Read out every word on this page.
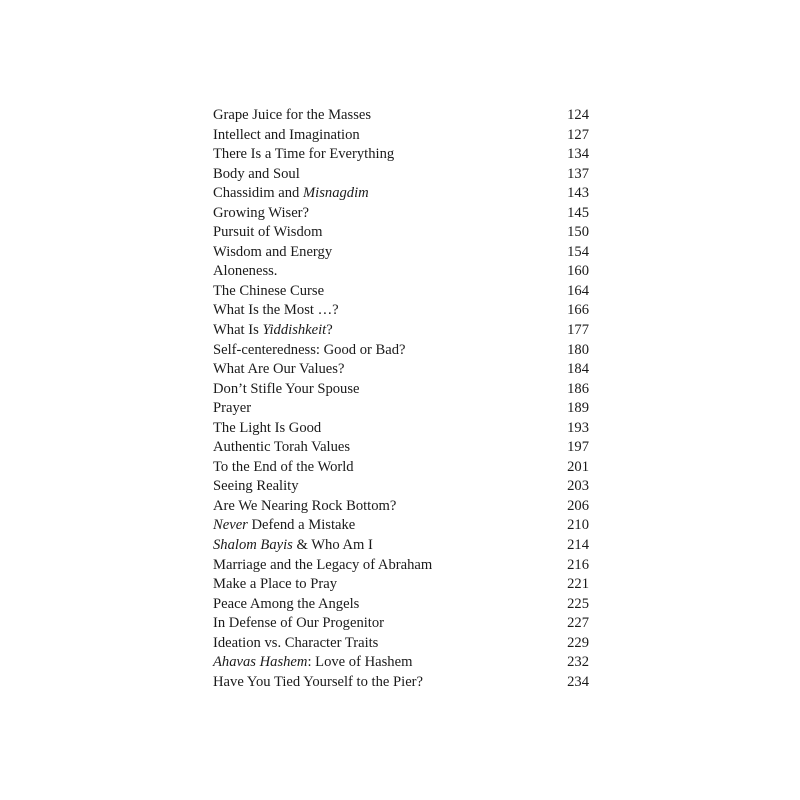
Grape Juice for the Masses	124
Intellect and Imagination	127
There Is a Time for Everything	134
Body and Soul	137
Chassidim and Misnagdim	143
Growing Wiser?	145
Pursuit of Wisdom	150
Wisdom and Energy	154
Aloneness.	160
The Chinese Curse	164
What Is the Most …?	166
What Is Yiddishkeit?	177
Self-centeredness: Good or Bad?	180
What Are Our Values?	184
Don’t Stifle Your Spouse	186
Prayer	189
The Light Is Good	193
Authentic Torah Values	197
To the End of the World	201
Seeing Reality	203
Are We Nearing Rock Bottom?	206
Never Defend a Mistake	210
Shalom Bayis & Who Am I	214
Marriage and the Legacy of Abraham	216
Make a Place to Pray	221
Peace Among the Angels	225
In Defense of Our Progenitor	227
Ideation vs. Character Traits	229
Ahavas Hashem: Love of Hashem	232
Have You Tied Yourself to the Pier?	234
